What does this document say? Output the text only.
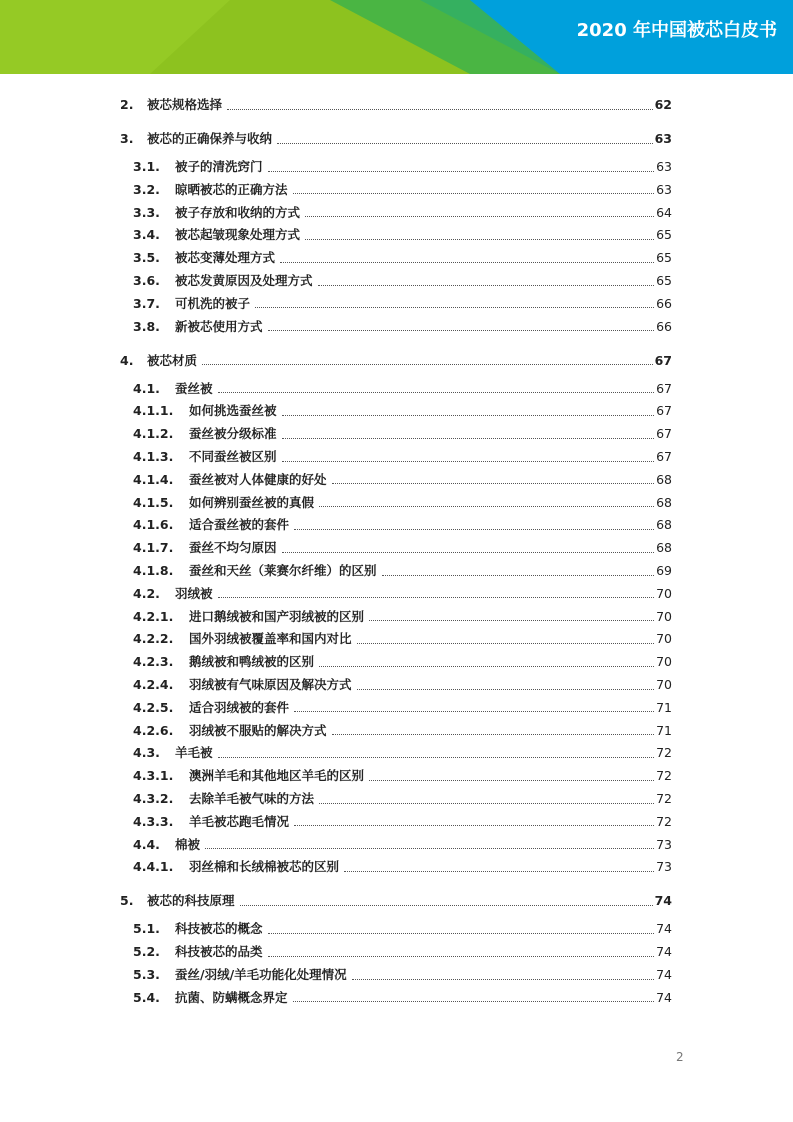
2020 年中国被芯白皮书
2.	被芯规格选择	62
3.	被芯的正确保养与收纳	63
3.1.	被子的清洗窍门	63
3.2.	晾晒被芯的正确方法	63
3.3.	被子存放和收纳的方式	64
3.4.	被芯起皱现象处理方式	65
3.5.	被芯变薄处理方式	65
3.6.	被芯发黄原因及处理方式	65
3.7.	可机洗的被子	66
3.8.	新被芯使用方式	66
4.	被芯材质	67
4.1.	蚕丝被	67
4.1.1.	如何挑选蚕丝被	67
4.1.2.	蚕丝被分级标准	67
4.1.3.	不同蚕丝被区别	67
4.1.4.	蚕丝被对人体健康的好处	68
4.1.5.	如何辨别蚕丝被的真假	68
4.1.6.	适合蚕丝被的套件	68
4.1.7.	蚕丝不均匀原因	68
4.1.8.	蚕丝和天丝（莱赛尔纤维）的区别	69
4.2.	羽绒被	70
4.2.1.	进口鹅绒被和国产羽绒被的区别	70
4.2.2.	国外羽绒被覆盖率和国内对比	70
4.2.3.	鹅绒被和鸭绒被的区别	70
4.2.4.	羽绒被有气味原因及解决方式	70
4.2.5.	适合羽绒被的套件	71
4.2.6.	羽绒被不服贴的解决方式	71
4.3.	羊毛被	72
4.3.1.	澳洲羊毛和其他地区羊毛的区别	72
4.3.2.	去除羊毛被气味的方法	72
4.3.3.	羊毛被芯跑毛情况	72
4.4.	棉被	73
4.4.1.	羽丝棉和长绒棉被芯的区别	73
5.	被芯的科技原理	74
5.1.	科技被芯的概念	74
5.2.	科技被芯的品类	74
5.3.	蚕丝/羽绒/羊毛功能化处理情况	74
5.4.	抗菌、防螨概念界定	74
2
